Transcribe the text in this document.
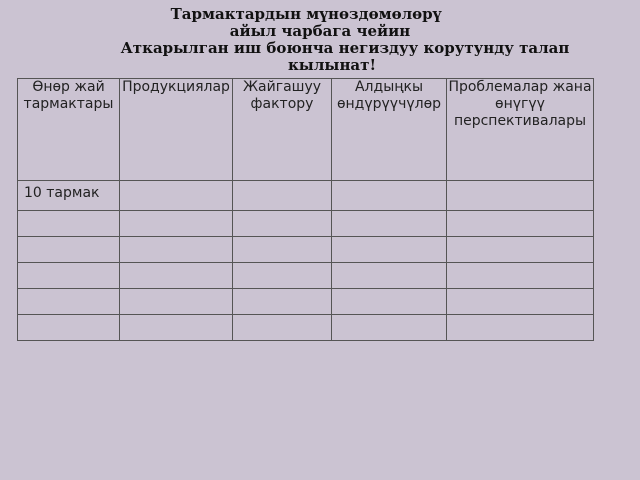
Тармактардын мүнөздөмөлөрү
айыл чарбага чейин
Аткарылган иш боюнча негиздуу корутунду талап
кылынат!
Өнөр жай тармактары	Продукциялар	Жайгашуу фактору	Алдыңкы өндүрүүчүлөр	Проблемалар жана өнүгүү перспективалары
10 тармак				
